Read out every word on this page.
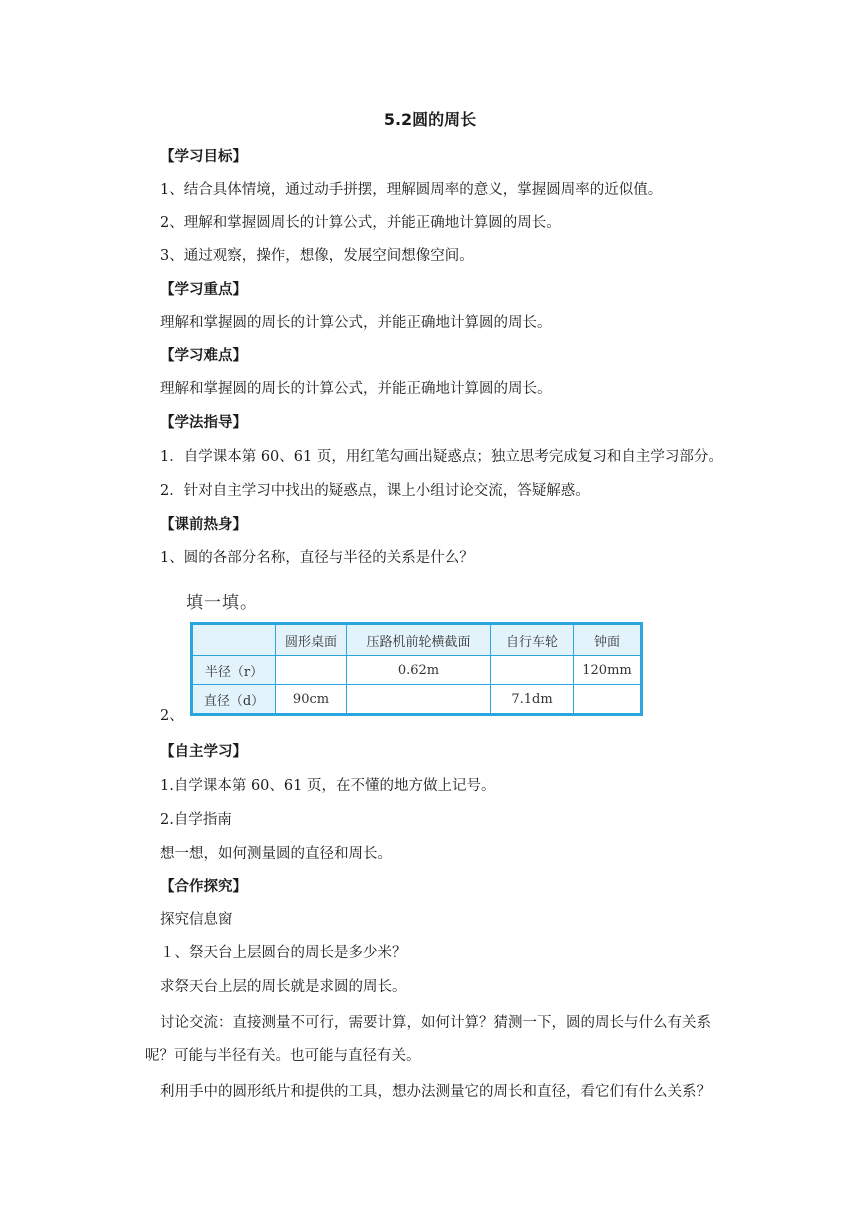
5.2圆的周长
【学习目标】
1、结合具体情境，通过动手拼摆，理解圆周率的意义，掌握圆周率的近似值。
2、理解和掌握圆周长的计算公式，并能正确地计算圆的周长。
3、通过观察，操作，想像，发展空间想像空间。
【学习重点】
理解和掌握圆的周长的计算公式，并能正确地计算圆的周长。
【学习难点】
理解和掌握圆的周长的计算公式，并能正确地计算圆的周长。
【学法指导】
1．自学课本第 60、61 页，用红笔勾画出疑惑点；独立思考完成复习和自主学习部分。
2．针对自主学习中找出的疑惑点，课上小组讨论交流，答疑解惑。
【课前热身】
1、圆的各部分名称，直径与半径的关系是什么？
填一填。
	圆形桌面	压路机前轮横截面	自行车轮	钟面
半径（r）		0.62m		120mm
直径（d）	90cm		7.1dm	
2、
【自主学习】
1.自学课本第 60、61 页，在不懂的地方做上记号。
2.自学指南
想一想，如何测量圆的直径和周长。
【合作探究】
探究信息窗
１、祭天台上层圆台的周长是多少米？
求祭天台上层的周长就是求圆的周长。
讨论交流：直接测量不可行，需要计算，如何计算？猜测一下，圆的周长与什么有关系
呢？可能与半径有关。也可能与直径有关。
利用手中的圆形纸片和提供的工具，想办法测量它的周长和直径，看它们有什么关系？
